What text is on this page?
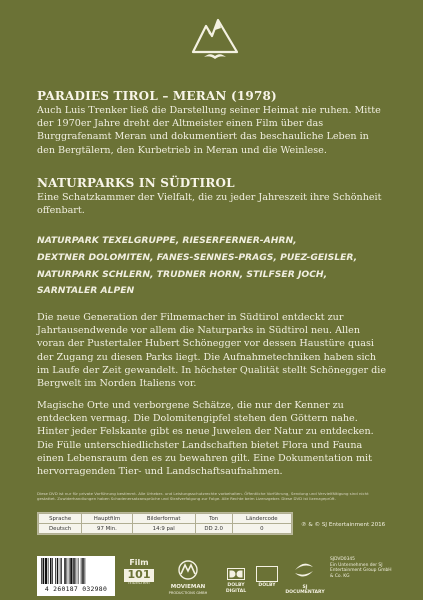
PARADIES TIROL – MERAN (1978)

Auch Luis Trenker ließ die Darstellung seiner Heimat nie ruhen. Mitte der 1970er Jahre dreht der Altmeister einen Film über das Burggrafenamt Meran und dokumentiert das beschauliche Leben in den Bergtälern, den Kurbetrieb in Meran und die Weinlese.

NATURPARKS IN SÜDTIROL

Eine Schatzkammer der Vielfalt, die zu jeder Jahreszeit ihre Schönheit offenbart.

NATURPARK TEXELGRUPPE, RIESERFERNER-AHRN,
DEXTNER DOLOMITEN, FANES-SENNES-PRAGS, PUEZ-GEISLER,
NATURPARK SCHLERN, TRUDNER HORN, STILFSER JOCH,
SARNTALER ALPEN

Die neue Generation der Filmemacher in Südtirol entdeckt zur Jahrtausendwende vor allem die Naturparks in Südtirol neu. Allen voran der Pustertaler Hubert Schönegger vor dessen Haustüre quasi der Zugang zu diesen Parks liegt. Die Aufnahmetechniken haben sich im Laufe der Zeit gewandelt. In höchster Qualität stellt Schönegger die Bergwelt im Norden Italiens vor.

Magische Orte und verborgene Schätze, die nur der Kenner zu entdecken vermag. Die Dolomitengipfel stehen den Göttern nahe. Hinter jeder Felskante gibt es neue Juwelen der Natur zu entdecken. Die Fülle unterschiedlichster Landschaften bietet Flora und Fauna einen Lebensraum den es zu bewahren gilt. Eine Dokumentation mit hervorragenden Tier- und Landschaftsaufnahmen.

Diese DVD ist nur für private Vorführung bestimmt. Alle Urheber- und Leistungsschutzrechte vorbehalten. Öffentliche Vorführung, Sendung und Vervielfältigung sind nicht gestattet. Zuwiderhandlungen haben Schadenersatzansprüche und Strafverfolgung zur Folge. Alle Rechte beim Lizenzgeber. Diese DVD ist lizenzgeprüft.

Sprache	Hauptfilm	Bilderformat	Ton	Ländercode
Deutsch	97 Min.	14:9 pal	DD 2.0	0

℗ & © SJ Entertainment 2016

4 260187 032980
Film
101
münchen
MOVIEMAN
PRODUCTIONS GMBH
DOLBY DIGITAL
DOLBY	SJ DOCUMENTARY
SJDVD0345
Ein Unternehmen der SJ Entertainment Group GmbH & Co. KG
